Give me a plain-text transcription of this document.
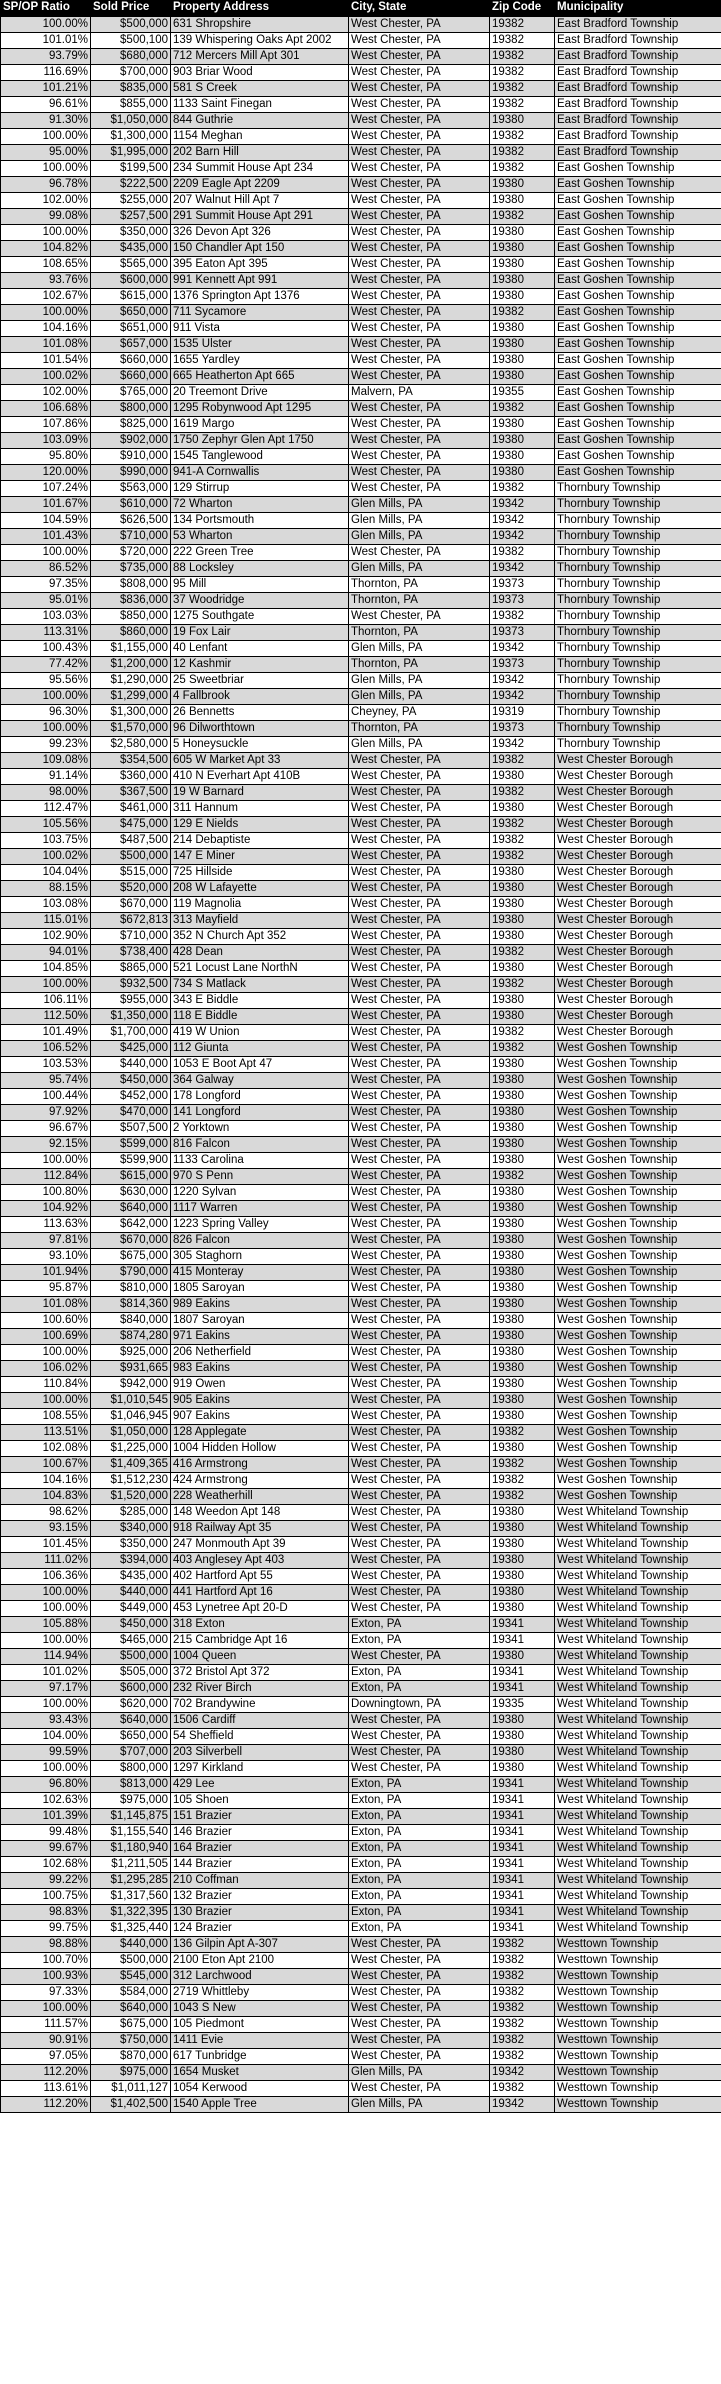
SP/OP Ratio	Sold Price	Property Address	City, State	Zip Code	Municipality
100.00%	$500,000	631 Shropshire	West Chester, PA	19382	East Bradford Township
101.01%	$500,100	139 Whispering Oaks Apt 2002	West Chester, PA	19382	East Bradford Township
93.79%	$680,000	712 Mercers Mill Apt 301	West Chester, PA	19382	East Bradford Township
116.69%	$700,000	903 Briar Wood	West Chester, PA	19382	East Bradford Township
101.21%	$835,000	581 S Creek	West Chester, PA	19382	East Bradford Township
96.61%	$855,000	1133 Saint Finegan	West Chester, PA	19382	East Bradford Township
91.30%	$1,050,000	844 Guthrie	West Chester, PA	19380	East Bradford Township
100.00%	$1,300,000	1154 Meghan	West Chester, PA	19382	East Bradford Township
95.00%	$1,995,000	202 Barn Hill	West Chester, PA	19382	East Bradford Township
100.00%	$199,500	234 Summit House Apt 234	West Chester, PA	19382	East Goshen Township
96.78%	$222,500	2209 Eagle Apt 2209	West Chester, PA	19380	East Goshen Township
102.00%	$255,000	207 Walnut Hill Apt 7	West Chester, PA	19380	East Goshen Township
99.08%	$257,500	291 Summit House Apt 291	West Chester, PA	19382	East Goshen Township
100.00%	$350,000	326 Devon Apt 326	West Chester, PA	19380	East Goshen Township
104.82%	$435,000	150 Chandler Apt 150	West Chester, PA	19380	East Goshen Township
108.65%	$565,000	395 Eaton Apt 395	West Chester, PA	19380	East Goshen Township
93.76%	$600,000	991 Kennett Apt 991	West Chester, PA	19380	East Goshen Township
102.67%	$615,000	1376 Springton Apt 1376	West Chester, PA	19380	East Goshen Township
100.00%	$650,000	711 Sycamore	West Chester, PA	19382	East Goshen Township
104.16%	$651,000	911 Vista	West Chester, PA	19380	East Goshen Township
101.08%	$657,000	1535 Ulster	West Chester, PA	19380	East Goshen Township
101.54%	$660,000	1655 Yardley	West Chester, PA	19380	East Goshen Township
100.02%	$660,000	665 Heatherton Apt 665	West Chester, PA	19380	East Goshen Township
102.00%	$765,000	20 Treemont Drive	Malvern, PA	19355	East Goshen Township
106.68%	$800,000	1295 Robynwood Apt 1295	West Chester, PA	19382	East Goshen Township
107.86%	$825,000	1619 Margo	West Chester, PA	19380	East Goshen Township
103.09%	$902,000	1750 Zephyr Glen Apt 1750	West Chester, PA	19380	East Goshen Township
95.80%	$910,000	1545 Tanglewood	West Chester, PA	19380	East Goshen Township
120.00%	$990,000	941-A Cornwallis	West Chester, PA	19380	East Goshen Township
107.24%	$563,000	129 Stirrup	West Chester, PA	19382	Thornbury Township
101.67%	$610,000	72 Wharton	Glen Mills, PA	19342	Thornbury Township
104.59%	$626,500	134 Portsmouth	Glen Mills, PA	19342	Thornbury Township
101.43%	$710,000	53 Wharton	Glen Mills, PA	19342	Thornbury Township
100.00%	$720,000	222 Green Tree	West Chester, PA	19382	Thornbury Township
86.52%	$735,000	88 Locksley	Glen Mills, PA	19342	Thornbury Township
97.35%	$808,000	95 Mill	Thornton, PA	19373	Thornbury Township
95.01%	$836,000	37 Woodridge	Thornton, PA	19373	Thornbury Township
103.03%	$850,000	1275 Southgate	West Chester, PA	19382	Thornbury Township
113.31%	$860,000	19 Fox Lair	Thornton, PA	19373	Thornbury Township
100.43%	$1,155,000	40 Lenfant	Glen Mills, PA	19342	Thornbury Township
77.42%	$1,200,000	12 Kashmir	Thornton, PA	19373	Thornbury Township
95.56%	$1,290,000	25 Sweetbriar	Glen Mills, PA	19342	Thornbury Township
100.00%	$1,299,000	4 Fallbrook	Glen Mills, PA	19342	Thornbury Township
96.30%	$1,300,000	26 Bennetts	Cheyney, PA	19319	Thornbury Township
100.00%	$1,570,000	96 Dilworthtown	Thornton, PA	19373	Thornbury Township
99.23%	$2,580,000	5 Honeysuckle	Glen Mills, PA	19342	Thornbury Township
109.08%	$354,500	605 W Market Apt 33	West Chester, PA	19382	West Chester Borough
91.14%	$360,000	410 N Everhart Apt 410B	West Chester, PA	19380	West Chester Borough
98.00%	$367,500	19 W Barnard	West Chester, PA	19382	West Chester Borough
112.47%	$461,000	311 Hannum	West Chester, PA	19380	West Chester Borough
105.56%	$475,000	129 E Nields	West Chester, PA	19382	West Chester Borough
103.75%	$487,500	214 Debaptiste	West Chester, PA	19382	West Chester Borough
100.02%	$500,000	147 E Miner	West Chester, PA	19382	West Chester Borough
104.04%	$515,000	725 Hillside	West Chester, PA	19380	West Chester Borough
88.15%	$520,000	208 W Lafayette	West Chester, PA	19380	West Chester Borough
103.08%	$670,000	119 Magnolia	West Chester, PA	19380	West Chester Borough
115.01%	$672,813	313 Mayfield	West Chester, PA	19380	West Chester Borough
102.90%	$710,000	352 N Church Apt 352	West Chester, PA	19380	West Chester Borough
94.01%	$738,400	428 Dean	West Chester, PA	19382	West Chester Borough
104.85%	$865,000	521 Locust Lane NorthN	West Chester, PA	19380	West Chester Borough
100.00%	$932,500	734 S Matlack	West Chester, PA	19382	West Chester Borough
106.11%	$955,000	343 E Biddle	West Chester, PA	19380	West Chester Borough
112.50%	$1,350,000	118 E Biddle	West Chester, PA	19380	West Chester Borough
101.49%	$1,700,000	419 W Union	West Chester, PA	19382	West Chester Borough
106.52%	$425,000	112 Giunta	West Chester, PA	19382	West Goshen Township
103.53%	$440,000	1053 E Boot Apt 47	West Chester, PA	19380	West Goshen Township
95.74%	$450,000	364 Galway	West Chester, PA	19380	West Goshen Township
100.44%	$452,000	178 Longford	West Chester, PA	19380	West Goshen Township
97.92%	$470,000	141 Longford	West Chester, PA	19380	West Goshen Township
96.67%	$507,500	2 Yorktown	West Chester, PA	19380	West Goshen Township
92.15%	$599,000	816 Falcon	West Chester, PA	19380	West Goshen Township
100.00%	$599,900	1133 Carolina	West Chester, PA	19380	West Goshen Township
112.84%	$615,000	970 S Penn	West Chester, PA	19382	West Goshen Township
100.80%	$630,000	1220 Sylvan	West Chester, PA	19380	West Goshen Township
104.92%	$640,000	1117 Warren	West Chester, PA	19380	West Goshen Township
113.63%	$642,000	1223 Spring Valley	West Chester, PA	19380	West Goshen Township
97.81%	$670,000	826 Falcon	West Chester, PA	19380	West Goshen Township
93.10%	$675,000	305 Staghorn	West Chester, PA	19380	West Goshen Township
101.94%	$790,000	415 Monteray	West Chester, PA	19380	West Goshen Township
95.87%	$810,000	1805 Saroyan	West Chester, PA	19380	West Goshen Township
101.08%	$814,360	989 Eakins	West Chester, PA	19380	West Goshen Township
100.60%	$840,000	1807 Saroyan	West Chester, PA	19380	West Goshen Township
100.69%	$874,280	971 Eakins	West Chester, PA	19380	West Goshen Township
100.00%	$925,000	206 Netherfield	West Chester, PA	19380	West Goshen Township
106.02%	$931,665	983 Eakins	West Chester, PA	19380	West Goshen Township
110.84%	$942,000	919 Owen	West Chester, PA	19380	West Goshen Township
100.00%	$1,010,545	905 Eakins	West Chester, PA	19380	West Goshen Township
108.55%	$1,046,945	907 Eakins	West Chester, PA	19380	West Goshen Township
113.51%	$1,050,000	128 Applegate	West Chester, PA	19382	West Goshen Township
102.08%	$1,225,000	1004 Hidden Hollow	West Chester, PA	19380	West Goshen Township
100.67%	$1,409,365	416 Armstrong	West Chester, PA	19382	West Goshen Township
104.16%	$1,512,230	424 Armstrong	West Chester, PA	19382	West Goshen Township
104.83%	$1,520,000	228 Weatherhill	West Chester, PA	19382	West Goshen Township
98.62%	$285,000	148 Weedon Apt 148	West Chester, PA	19380	West Whiteland Township
93.15%	$340,000	918 Railway Apt 35	West Chester, PA	19380	West Whiteland Township
101.45%	$350,000	247 Monmouth Apt 39	West Chester, PA	19380	West Whiteland Township
111.02%	$394,000	403 Anglesey Apt 403	West Chester, PA	19380	West Whiteland Township
106.36%	$435,000	402 Hartford Apt 55	West Chester, PA	19380	West Whiteland Township
100.00%	$440,000	441 Hartford Apt 16	West Chester, PA	19380	West Whiteland Township
100.00%	$449,000	453 Lynetree Apt 20-D	West Chester, PA	19380	West Whiteland Township
105.88%	$450,000	318 Exton	Exton, PA	19341	West Whiteland Township
100.00%	$465,000	215 Cambridge Apt 16	Exton, PA	19341	West Whiteland Township
114.94%	$500,000	1004 Queen	West Chester, PA	19380	West Whiteland Township
101.02%	$505,000	372 Bristol Apt 372	Exton, PA	19341	West Whiteland Township
97.17%	$600,000	232 River Birch	Exton, PA	19341	West Whiteland Township
100.00%	$620,000	702 Brandywine	Downingtown, PA	19335	West Whiteland Township
93.43%	$640,000	1506 Cardiff	West Chester, PA	19380	West Whiteland Township
104.00%	$650,000	54 Sheffield	West Chester, PA	19380	West Whiteland Township
99.59%	$707,000	203 Silverbell	West Chester, PA	19380	West Whiteland Township
100.00%	$800,000	1297 Kirkland	West Chester, PA	19380	West Whiteland Township
96.80%	$813,000	429 Lee	Exton, PA	19341	West Whiteland Township
102.63%	$975,000	105 Shoen	Exton, PA	19341	West Whiteland Township
101.39%	$1,145,875	151 Brazier	Exton, PA	19341	West Whiteland Township
99.48%	$1,155,540	146 Brazier	Exton, PA	19341	West Whiteland Township
99.67%	$1,180,940	164 Brazier	Exton, PA	19341	West Whiteland Township
102.68%	$1,211,505	144 Brazier	Exton, PA	19341	West Whiteland Township
99.22%	$1,295,285	210 Coffman	Exton, PA	19341	West Whiteland Township
100.75%	$1,317,560	132 Brazier	Exton, PA	19341	West Whiteland Township
98.83%	$1,322,395	130 Brazier	Exton, PA	19341	West Whiteland Township
99.75%	$1,325,440	124 Brazier	Exton, PA	19341	West Whiteland Township
98.88%	$440,000	136 Gilpin Apt A-307	West Chester, PA	19382	Westtown Township
100.70%	$500,000	2100 Eton Apt 2100	West Chester, PA	19382	Westtown Township
100.93%	$545,000	312 Larchwood	West Chester, PA	19382	Westtown Township
97.33%	$584,000	2719 Whittleby	West Chester, PA	19382	Westtown Township
100.00%	$640,000	1043 S New	West Chester, PA	19382	Westtown Township
111.57%	$675,000	105 Piedmont	West Chester, PA	19382	Westtown Township
90.91%	$750,000	1411 Evie	West Chester, PA	19382	Westtown Township
97.05%	$870,000	617 Tunbridge	West Chester, PA	19382	Westtown Township
112.20%	$975,000	1654 Musket	Glen Mills, PA	19342	Westtown Township
113.61%	$1,011,127	1054 Kerwood	West Chester, PA	19382	Westtown Township
112.20%	$1,402,500	1540 Apple Tree	Glen Mills, PA	19342	Westtown Township
